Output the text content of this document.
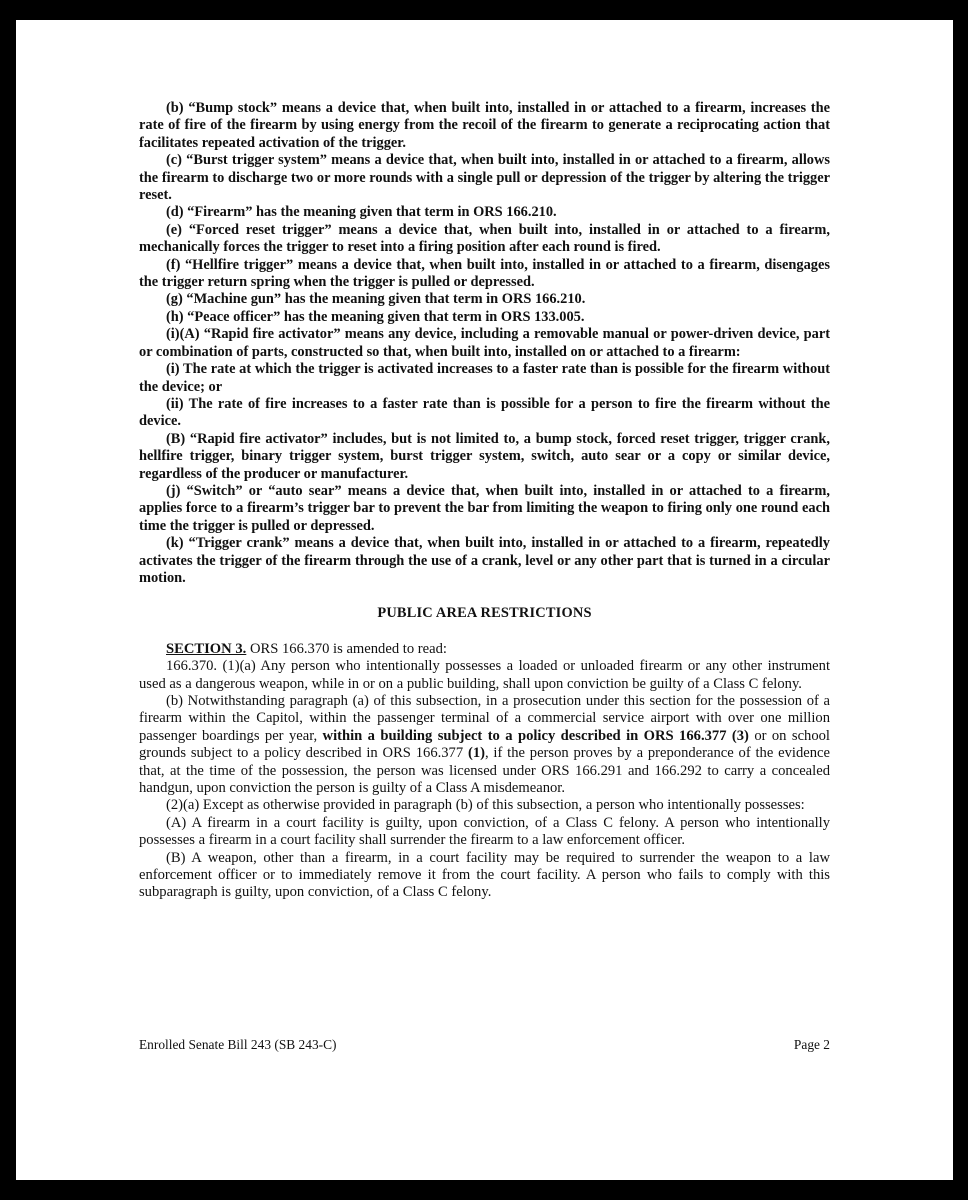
(b) “Bump stock” means a device that, when built into, installed in or attached to a firearm, increases the rate of fire of the firearm by using energy from the recoil of the firearm to generate a reciprocating action that facilitates repeated activation of the trigger.

(c) “Burst trigger system” means a device that, when built into, installed in or attached to a firearm, allows the firearm to discharge two or more rounds with a single pull or depression of the trigger by altering the trigger reset.

(d) “Firearm” has the meaning given that term in ORS 166.210.

(e) “Forced reset trigger” means a device that, when built into, installed in or attached to a firearm, mechanically forces the trigger to reset into a firing position after each round is fired.

(f) “Hellfire trigger” means a device that, when built into, installed in or attached to a firearm, disengages the trigger return spring when the trigger is pulled or depressed.

(g) “Machine gun” has the meaning given that term in ORS 166.210.

(h) “Peace officer” has the meaning given that term in ORS 133.005.

(i)(A) “Rapid fire activator” means any device, including a removable manual or power-driven device, part or combination of parts, constructed so that, when built into, installed on or attached to a firearm:

(i) The rate at which the trigger is activated increases to a faster rate than is possible for the firearm without the device; or

(ii) The rate of fire increases to a faster rate than is possible for a person to fire the firearm without the device.

(B) “Rapid fire activator” includes, but is not limited to, a bump stock, forced reset trigger, trigger crank, hellfire trigger, binary trigger system, burst trigger system, switch, auto sear or a copy or similar device, regardless of the producer or manufacturer.

(j) “Switch” or “auto sear” means a device that, when built into, installed in or attached to a firearm, applies force to a firearm’s trigger bar to prevent the bar from limiting the weapon to firing only one round each time the trigger is pulled or depressed.

(k) “Trigger crank” means a device that, when built into, installed in or attached to a firearm, repeatedly activates the trigger of the firearm through the use of a crank, level or any other part that is turned in a circular motion.

PUBLIC AREA RESTRICTIONS

SECTION 3. ORS 166.370 is amended to read:

166.370. (1)(a) Any person who intentionally possesses a loaded or unloaded firearm or any other instrument used as a dangerous weapon, while in or on a public building, shall upon conviction be guilty of a Class C felony.

(b) Notwithstanding paragraph (a) of this subsection, in a prosecution under this section for the possession of a firearm within the Capitol, within the passenger terminal of a commercial service airport with over one million passenger boardings per year, within a building subject to a policy described in ORS 166.377 (3) or on school grounds subject to a policy described in ORS 166.377 (1), if the person proves by a preponderance of the evidence that, at the time of the possession, the person was licensed under ORS 166.291 and 166.292 to carry a concealed handgun, upon conviction the person is guilty of a Class A misdemeanor.

(2)(a) Except as otherwise provided in paragraph (b) of this subsection, a person who intentionally possesses:

(A) A firearm in a court facility is guilty, upon conviction, of a Class C felony. A person who intentionally possesses a firearm in a court facility shall surrender the firearm to a law enforcement officer.

(B) A weapon, other than a firearm, in a court facility may be required to surrender the weapon to a law enforcement officer or to immediately remove it from the court facility. A person who fails to comply with this subparagraph is guilty, upon conviction, of a Class C felony.

Enrolled Senate Bill 243 (SB 243-C)	Page 2
